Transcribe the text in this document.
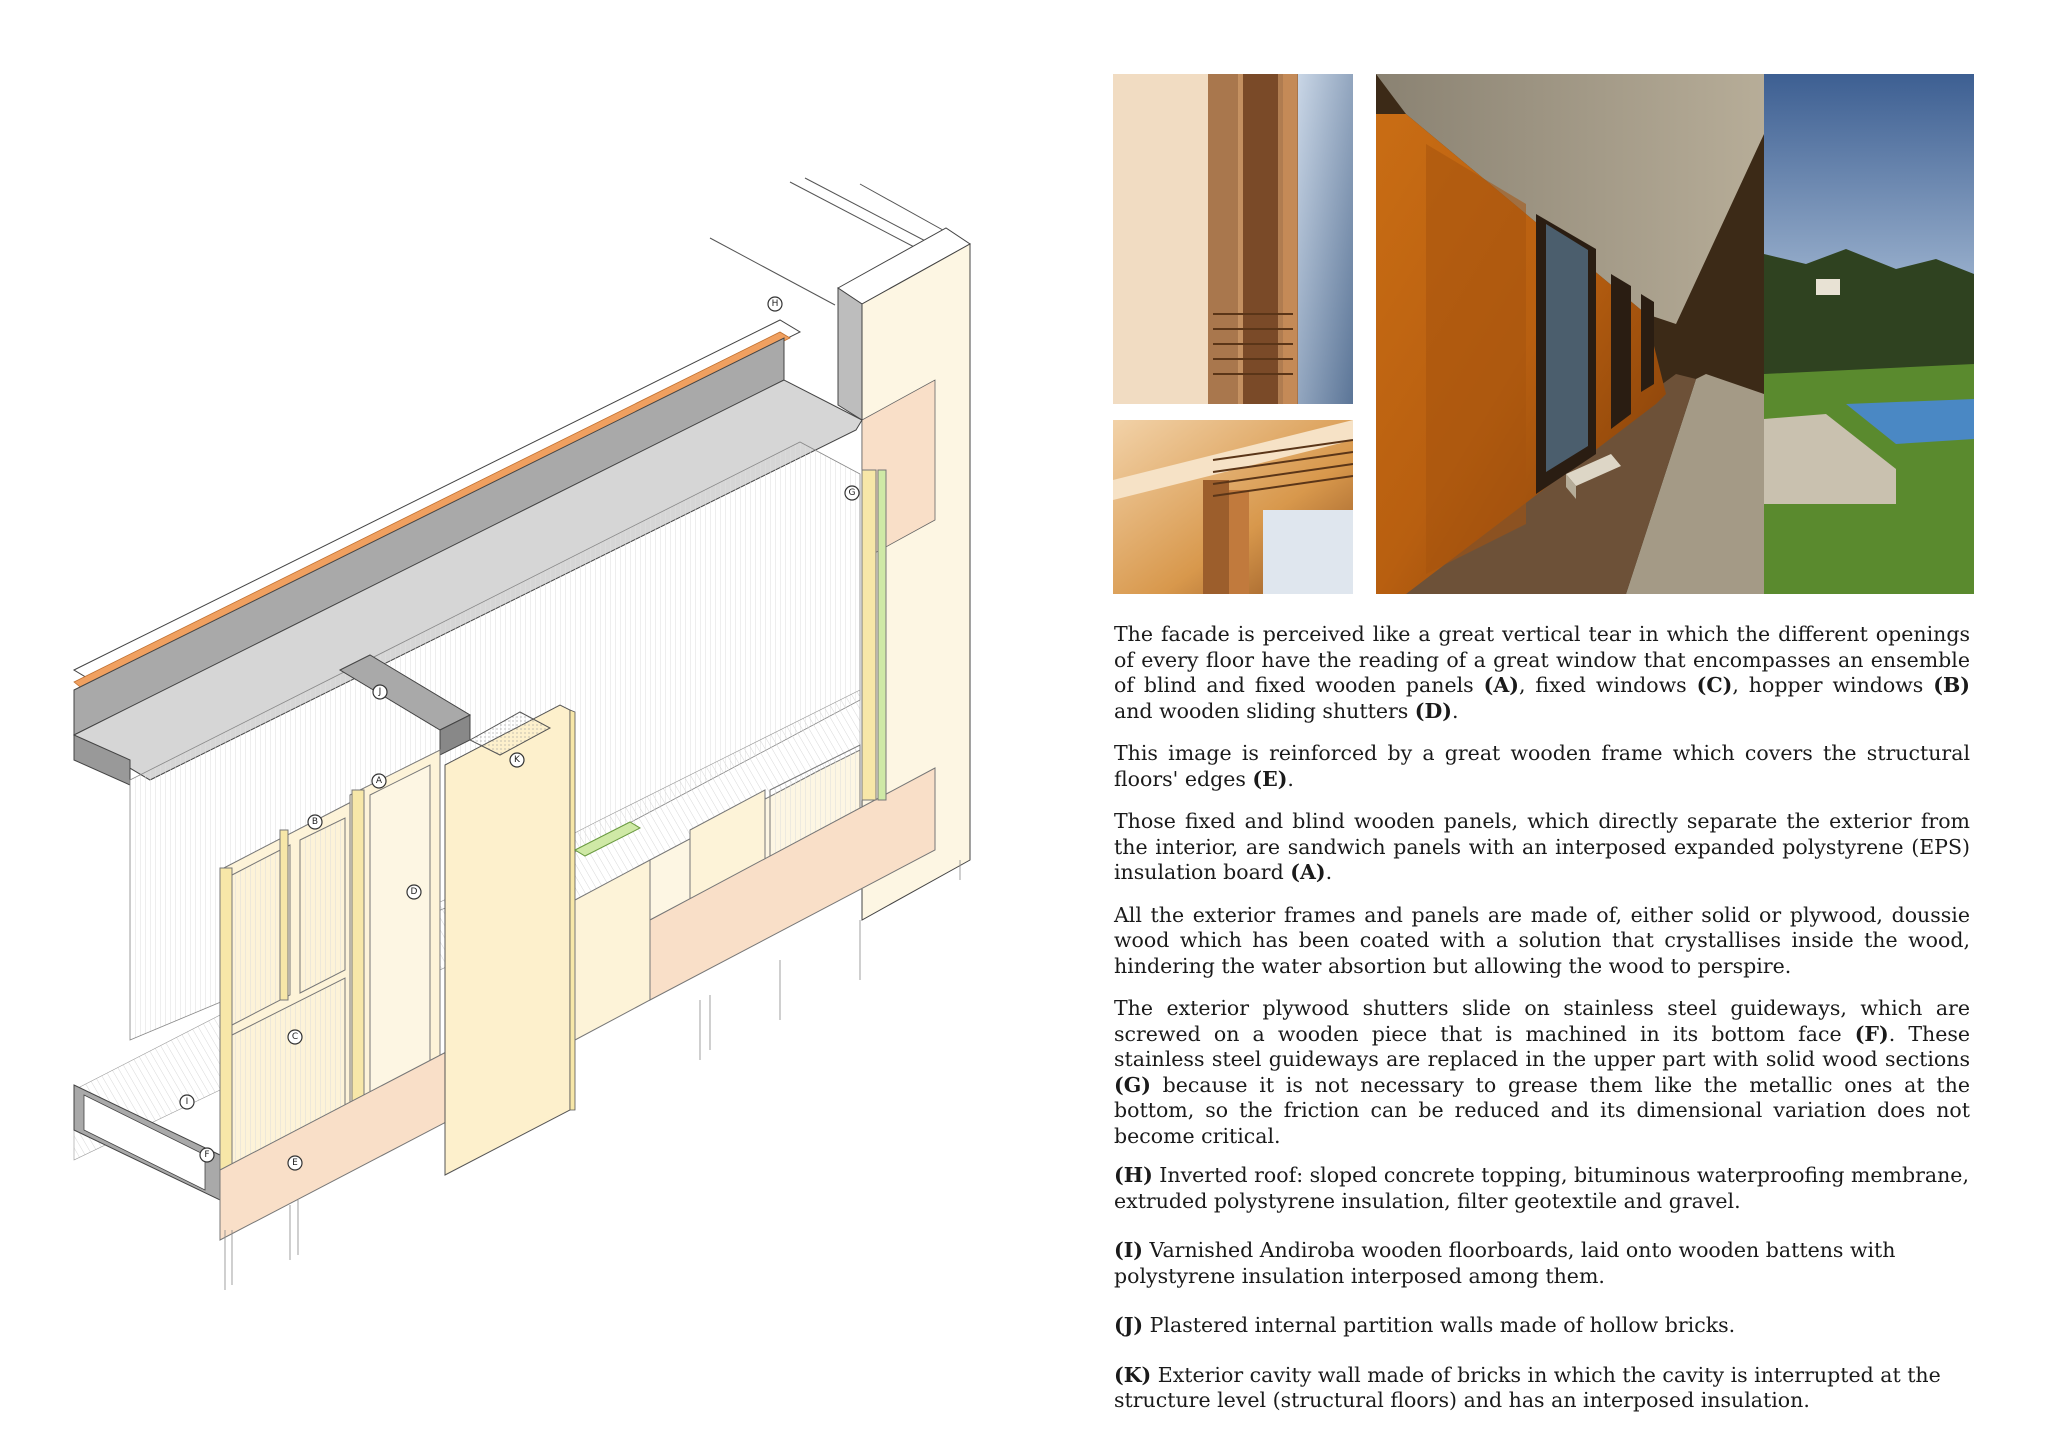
H
G
J
K
A
B
D
C
I
F
E

The facade is perceived like a great vertical tear in which the different openings of every floor have the reading of a great window that encompasses an ensemble of blind and fixed wooden panels (A), fixed windows (C), hopper windows (B) and wooden sliding shutters (D).

This image is reinforced by a great wooden frame which covers the structural floors' edges (E).

Those fixed and blind wooden panels, which directly separate the exterior from the interior, are sandwich panels with an interposed expanded polystyrene (EPS) insulation board (A).

All the exterior frames and panels are made of, either solid or plywood, doussie wood which has been coated with a solution that crystallises inside the wood, hindering the water absortion but allowing the wood to perspire.

The exterior plywood shutters slide on stainless steel guideways, which are screwed on a wooden piece that is machined in its bottom face (F). These stainless steel guideways are replaced in the upper part with solid wood sections (G) because it is not necessary to grease them like the metallic ones at the bottom, so the friction can be reduced and its dimensional variation does not become critical.

(H) Inverted roof: sloped concrete topping, bituminous waterproofing membrane, extruded polystyrene insulation, filter geotextile and gravel.

(I) Varnished Andiroba wooden floorboards, laid onto wooden battens with polystyrene insulation interposed among them.

(J) Plastered internal partition walls made of hollow bricks.

(K) Exterior cavity wall made of bricks in which the cavity is interrupted at the structure level (structural floors) and has an interposed insulation.
